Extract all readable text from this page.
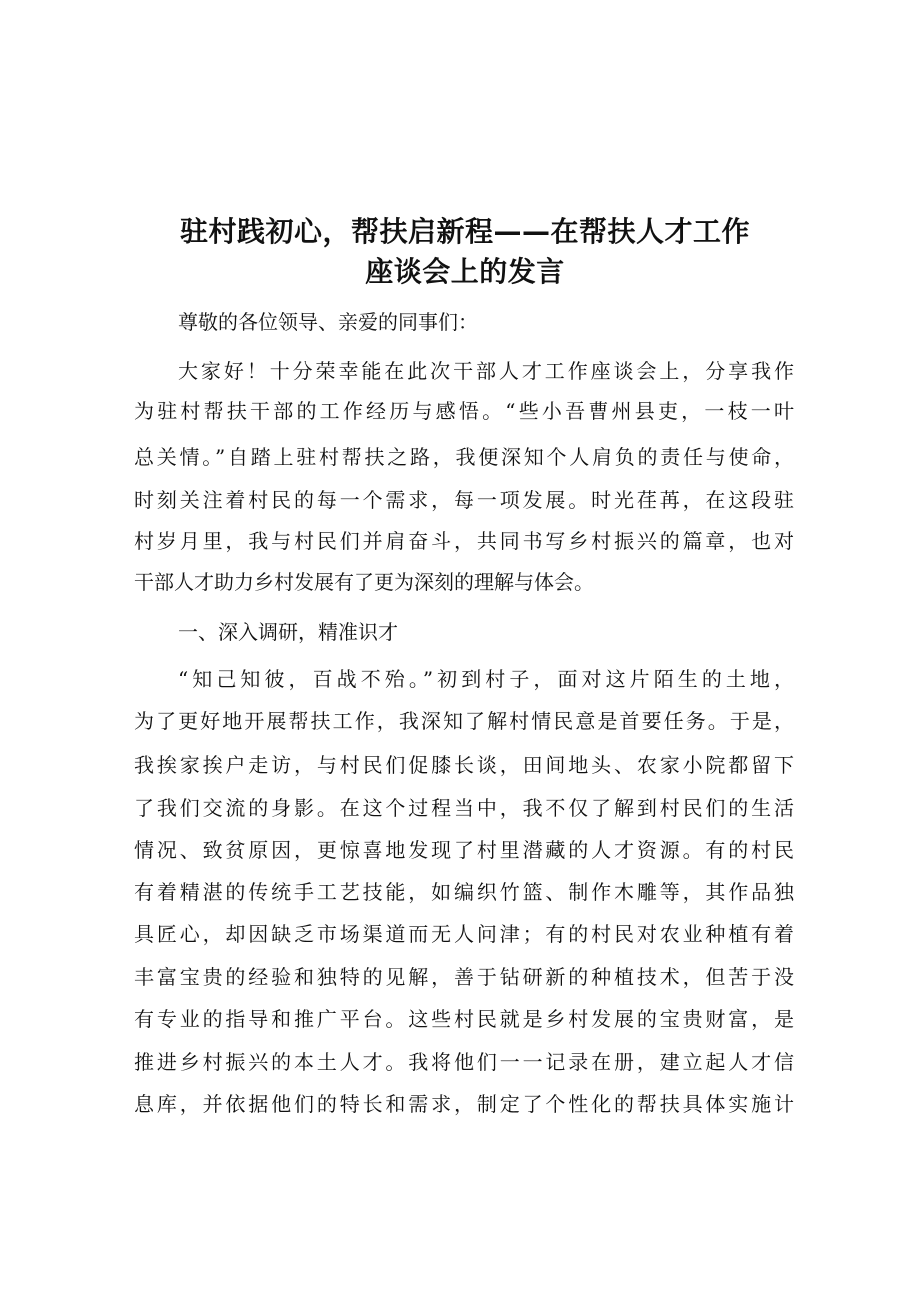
驻村践初心，帮扶启新程——在帮扶人才工作
座谈会上的发言

尊敬的各位领导、亲爱的同事们：

大家好！十分荣幸能在此次干部人才工作座谈会上，分享我作

为驻村帮扶干部的工作经历与感悟。“些小吾曹州县吏，一枝一叶

总关情。”自踏上驻村帮扶之路，我便深知个人肩负的责任与使命，

时刻关注着村民的每一个需求，每一项发展。时光荏苒，在这段驻

村岁月里，我与村民们并肩奋斗，共同书写乡村振兴的篇章，也对

干部人才助力乡村发展有了更为深刻的理解与体会。

一、深入调研，精准识才

“知己知彼，百战不殆。”初到村子，面对这片陌生的土地，

为了更好地开展帮扶工作，我深知了解村情民意是首要任务。于是，

我挨家挨户走访，与村民们促膝长谈，田间地头、农家小院都留下

了我们交流的身影。在这个过程当中，我不仅了解到村民们的生活

情况、致贫原因，更惊喜地发现了村里潜藏的人才资源。有的村民

有着精湛的传统手工艺技能，如编织竹篮、制作木雕等，其作品独

具匠心，却因缺乏市场渠道而无人问津；有的村民对农业种植有着

丰富宝贵的经验和独特的见解，善于钻研新的种植技术，但苦于没

有专业的指导和推广平台。这些村民就是乡村发展的宝贵财富，是

推进乡村振兴的本土人才。我将他们一一记录在册，建立起人才信

息库，并依据他们的特长和需求，制定了个性化的帮扶具体实施计
